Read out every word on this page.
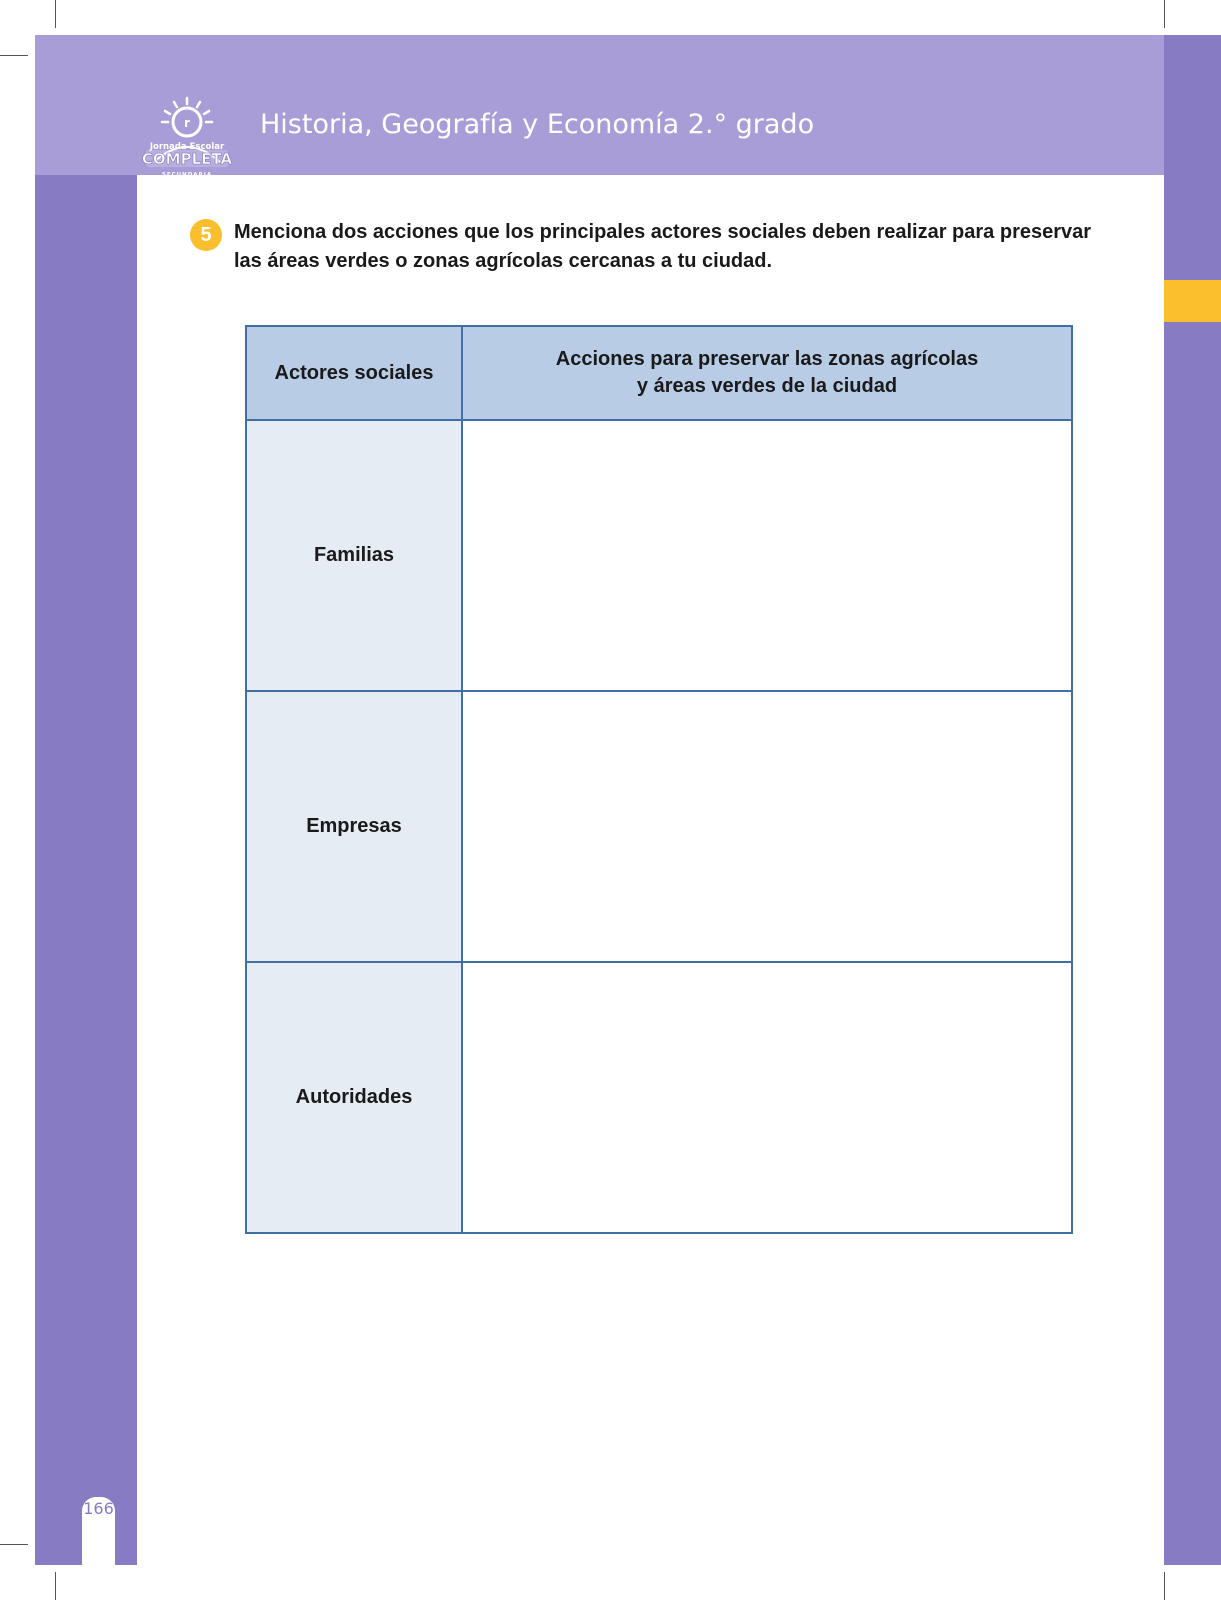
r
Jornada Escolar
COMPLETA
Historia, Geografía y Economía 2.° grado
5	Menciona dos acciones que los principales actores sociales deben realizar para preservar las áreas verdes o zonas agrícolas cercanas a tu ciudad.
Actores sociales	Acciones para preservar las zonas agrícolas
y áreas verdes de la ciudad
Familias	
Empresas	
Autoridades	
166
